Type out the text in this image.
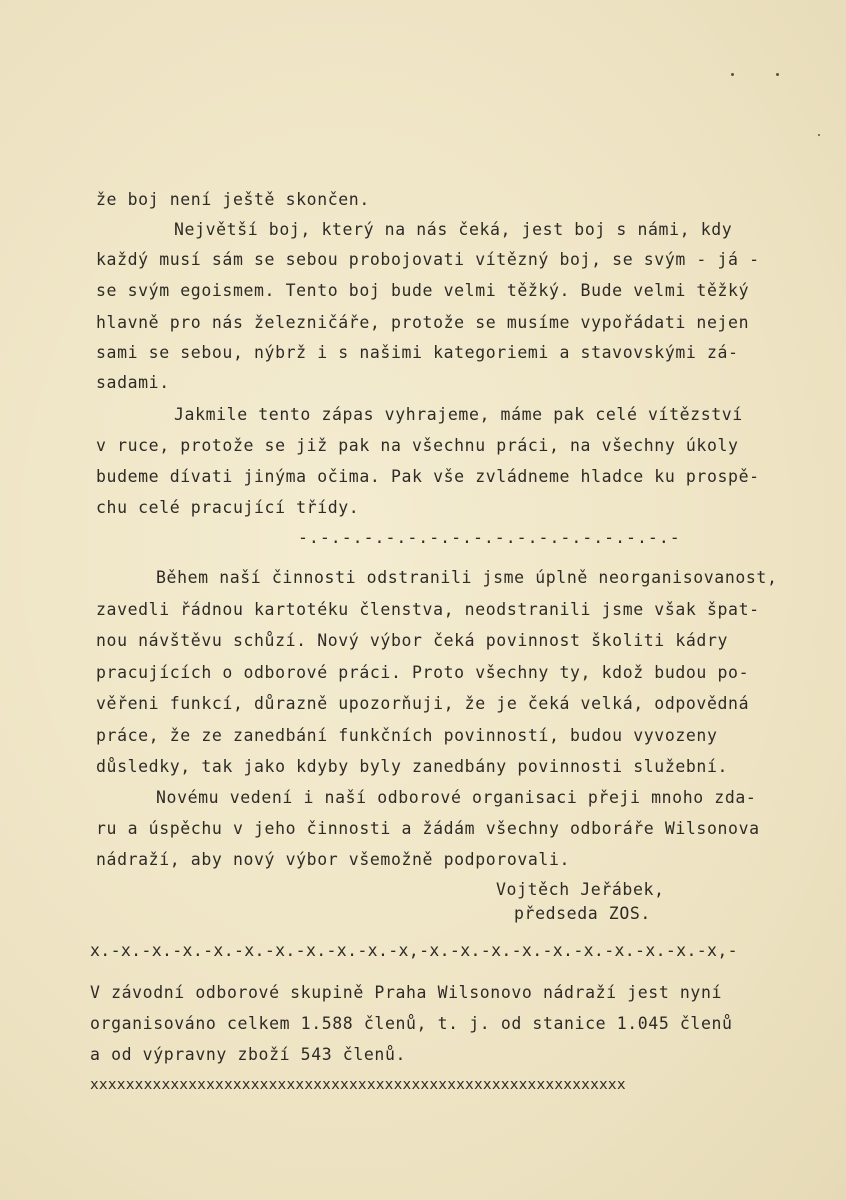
že boj není ještě skončen.
Největší boj, který na nás čeká, jest boj s námi, kdy
každý musí sám se sebou probojovati vítězný boj, se svým - já -
se svým egoismem. Tento boj bude velmi těžký. Bude velmi těžký
hlavně pro nás železničáře, protože se musíme vypořádati nejen
sami se sebou, nýbrž i s našimi kategoriemi a stavovskými zá-
sadami.
Jakmile tento zápas vyhrajeme, máme pak celé vítězství
v ruce, protože se již pak na všechnu práci, na všechny úkoly
budeme dívati jinýma očima. Pak vše zvládneme hladce ku prospě-
chu celé pracující třídy.
-.-.-.-.-.-.-.-.-.-.-.-.-.-.-.-.-.-
Během naší činnosti odstranili jsme úplně neorganisovanost,
zavedli řádnou kartotéku členstva, neodstranili jsme však špat-
nou návštěvu schůzí. Nový výbor čeká povinnost školiti kádry
pracujících o odborové práci. Proto všechny ty, kdož budou po-
věřeni funkcí, důrazně upozorňuji, že je čeká velká, odpovědná
práce, že ze zanedbání funkčních povinností, budou vyvozeny
důsledky, tak jako kdyby byly zanedbány povinnosti služební.
Novému vedení i naší odborové organisaci přeji mnoho zda-
ru a úspěchu v jeho činnosti a žádám všechny odboráře Wilsonova
nádraží, aby nový výbor všemožně podporovali.
Vojtěch Jeřábek,
předseda ZOS.
x.-x.-x.-x.-x.-x.-x.-x.-x.-x.-x,-x.-x.-x.-x.-x.-x.-x.-x.-x.-x,-
V závodní odborové skupině Praha Wilsonovo nádraží jest nyní
organisováno celkem 1.588 členů, t. j. od stanice 1.045 členů
a od výpravny zboží 543 členů.
xxxxxxxxxxxxxxxxxxxxxxxxxxxxxxxxxxxxxxxxxxxxxxxxxxxxxxxxxxxx
